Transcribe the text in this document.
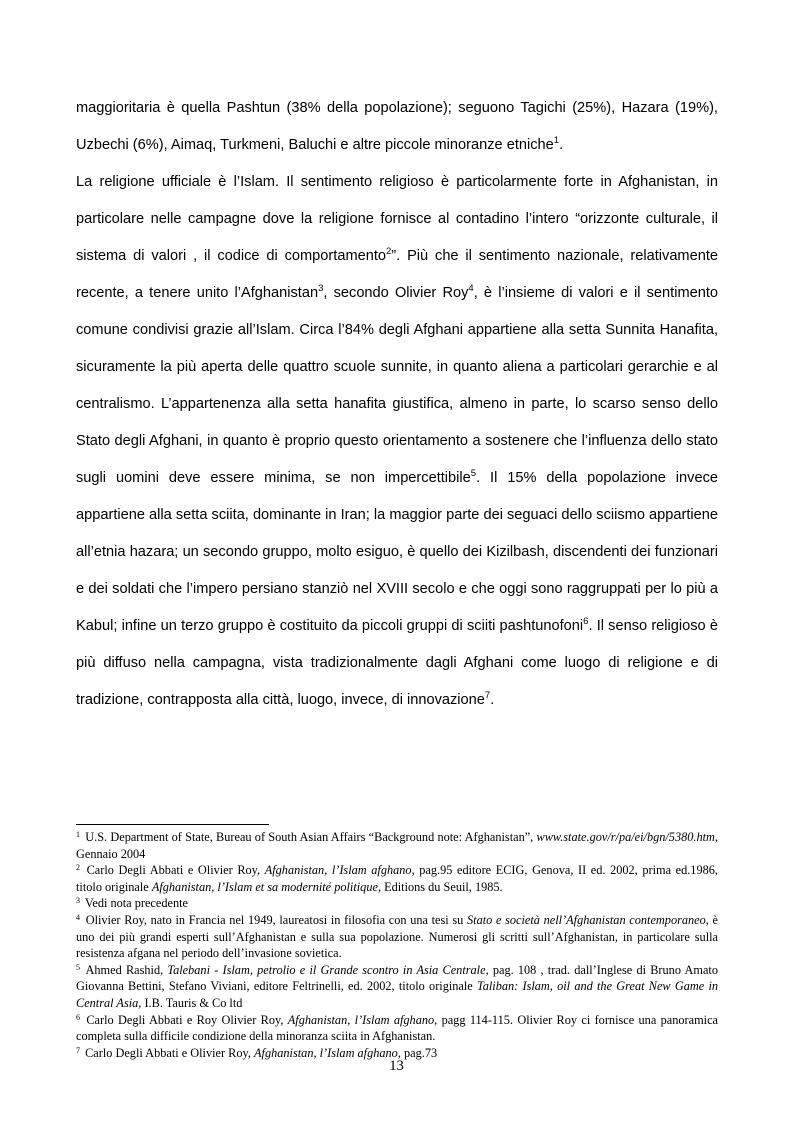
maggioritaria è quella Pashtun (38% della popolazione); seguono Tagichi (25%), Hazara (19%), Uzbechi (6%), Aimaq, Turkmeni, Baluchi e altre piccole minoranze etniche$^1$.

La religione ufficiale è l’Islam. Il sentimento religioso è particolarmente forte in Afghanistan, in particolare nelle campagne dove la religione fornisce al contadino l’intero “orizzonte culturale, il sistema di valori , il codice di comportamento$^2$”. Più che il sentimento nazionale, relativamente recente, a tenere unito l’Afghanistan$^3$, secondo Olivier Roy$^4$, è l’insieme di valori e il sentimento comune condivisi grazie all’Islam. Circa l’84% degli Afghani appartiene alla setta Sunnita Hanafita, sicuramente la più aperta delle quattro scuole sunnite, in quanto aliena a particolari gerarchie e al centralismo. L’appartenenza alla setta hanafita giustifica, almeno in parte, lo scarso senso dello Stato degli Afghani, in quanto è proprio questo orientamento a sostenere che l’influenza dello stato sugli uomini deve essere minima, se non impercettibile$^5$. Il 15% della popolazione invece appartiene alla setta sciita, dominante in Iran; la maggior parte dei seguaci dello sciismo appartiene all’etnia hazara; un secondo gruppo, molto esiguo, è quello dei Kizilbash, discendenti dei funzionari e dei soldati che l’impero persiano stanziò nel XVIII secolo e che oggi sono raggruppati per lo più a Kabul; infine un terzo gruppo è costituito da piccoli gruppi di sciiti pashtunofoni$^6$. Il senso religioso è più diffuso nella campagna, vista tradizionalmente dagli Afghani come luogo di religione e di tradizione, contrapposta alla città, luogo, invece, di innovazione$^7$.

$^1$ U.S. Department of State, Bureau of South Asian Affairs “Background note: Afghanistan”, www.state.gov/r/pa/ei/bgn/5380.htm, Gennaio 2004

$^2$ Carlo Degli Abbati e Olivier Roy, Afghanistan, l’Islam afghano, pag.95 editore ECIG, Genova, II ed. 2002, prima ed.1986, titolo originale Afghanistan, l’Islam et sa modernité politique, Editions du Seuil, 1985.

$^3$ Vedi nota precedente

$^4$ Olivier Roy, nato in Francia nel 1949, laureatosi in filosofia con una tesi su Stato e società nell’Afghanistan contemporaneo, è uno dei più grandi esperti sull’Afghanistan e sulla sua popolazione. Numerosi gli scritti sull’Afghanistan, in particolare sulla resistenza afgana nel periodo dell’invasione sovietica.

$^5$ Ahmed Rashid, Talebani - Islam, petrolio e il Grande scontro in Asia Centrale, pag. 108 , trad. dall’Inglese di Bruno Amato Giovanna Bettini, Stefano Viviani, editore Feltrinelli, ed. 2002, titolo originale Taliban: Islam, oil and the Great New Game in Central Asia, I.B. Tauris & Co ltd

$^6$ Carlo Degli Abbati e Roy Olivier Roy, Afghanistan, l’Islam afghano, pagg 114-115. Olivier Roy ci fornisce una panoramica completa sulla difficile condizione della minoranza sciita in Afghanistan.

$^7$ Carlo Degli Abbati e Olivier Roy, Afghanistan, l’Islam afghano, pag.73

13
